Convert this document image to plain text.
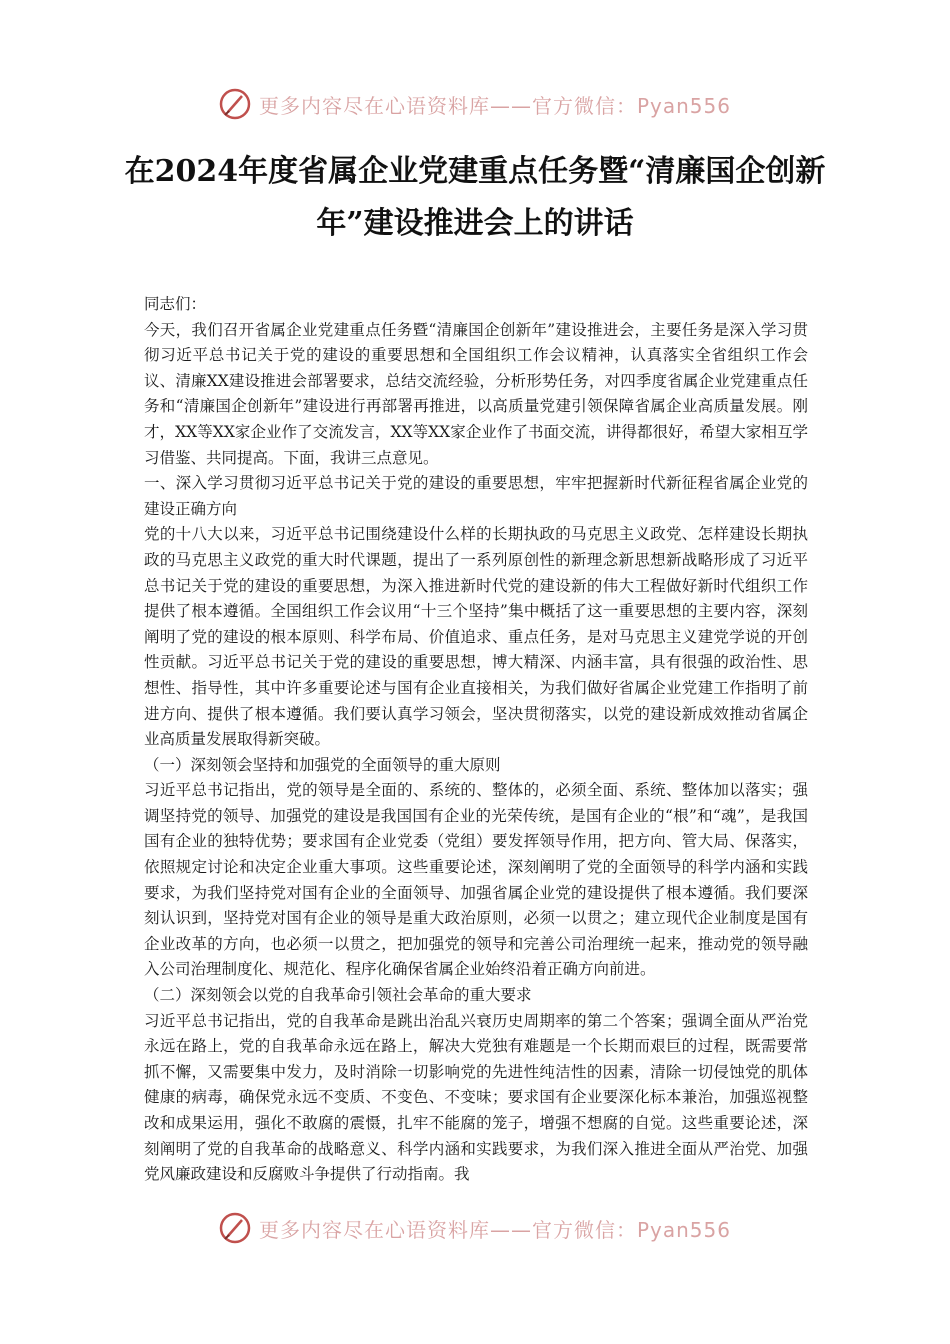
更多内容尽在心语资料库——官方微信：Pyan556
在2024年度省属企业党建重点任务暨“清廉国企创新年”建设推进会上的讲话

同志们：

今天，我们召开省属企业党建重点任务暨“清廉国企创新年”建设推进会，主要任务是深入学习贯彻习近平总书记关于党的建设的重要思想和全国组织工作会议精神，认真落实全省组织工作会议、清廉XX建设推进会部署要求，总结交流经验，分析形势任务，对四季度省属企业党建重点任务和“清廉国企创新年”建设进行再部署再推进，以高质量党建引领保障省属企业高质量发展。刚才，XX等XX家企业作了交流发言，XX等XX家企业作了书面交流，讲得都很好，希望大家相互学习借鉴、共同提高。下面，我讲三点意见。

一、深入学习贯彻习近平总书记关于党的建设的重要思想，牢牢把握新时代新征程省属企业党的建设正确方向

党的十八大以来，习近平总书记围绕建设什么样的长期执政的马克思主义政党、怎样建设长期执政的马克思主义政党的重大时代课题，提出了一系列原创性的新理念新思想新战略形成了习近平总书记关于党的建设的重要思想，为深入推进新时代党的建设新的伟大工程做好新时代组织工作提供了根本遵循。全国组织工作会议用“十三个坚持”集中概括了这一重要思想的主要内容，深刻阐明了党的建设的根本原则、科学布局、价值追求、重点任务，是对马克思主义建党学说的开创性贡献。习近平总书记关于党的建设的重要思想，博大精深、内涵丰富，具有很强的政治性、思想性、指导性，其中许多重要论述与国有企业直接相关，为我们做好省属企业党建工作指明了前进方向、提供了根本遵循。我们要认真学习领会，坚决贯彻落实，以党的建设新成效推动省属企业高质量发展取得新突破。

（一）深刻领会坚持和加强党的全面领导的重大原则

习近平总书记指出，党的领导是全面的、系统的、整体的，必须全面、系统、整体加以落实；强调坚持党的领导、加强党的建设是我国国有企业的光荣传统，是国有企业的“根”和“魂”，是我国国有企业的独特优势；要求国有企业党委（党组）要发挥领导作用，把方向、管大局、保落实，依照规定讨论和决定企业重大事项。这些重要论述，深刻阐明了党的全面领导的科学内涵和实践要求，为我们坚持党对国有企业的全面领导、加强省属企业党的建设提供了根本遵循。我们要深刻认识到，坚持党对国有企业的领导是重大政治原则，必须一以贯之；建立现代企业制度是国有企业改革的方向，也必须一以贯之，把加强党的领导和完善公司治理统一起来，推动党的领导融入公司治理制度化、规范化、程序化确保省属企业始终沿着正确方向前进。

（二）深刻领会以党的自我革命引领社会革命的重大要求

习近平总书记指出，党的自我革命是跳出治乱兴衰历史周期率的第二个答案；强调全面从严治党永远在路上，党的自我革命永远在路上，解决大党独有难题是一个长期而艰巨的过程，既需要常抓不懈，又需要集中发力，及时消除一切影响党的先进性纯洁性的因素，清除一切侵蚀党的肌体健康的病毒，确保党永远不变质、不变色、不变味；要求国有企业要深化标本兼治，加强巡视整改和成果运用，强化不敢腐的震慑，扎牢不能腐的笼子，增强不想腐的自觉。这些重要论述，深刻阐明了党的自我革命的战略意义、科学内涵和实践要求，为我们深入推进全面从严治党、加强党风廉政建设和反腐败斗争提供了行动指南。我

更多内容尽在心语资料库——官方微信：Pyan556
